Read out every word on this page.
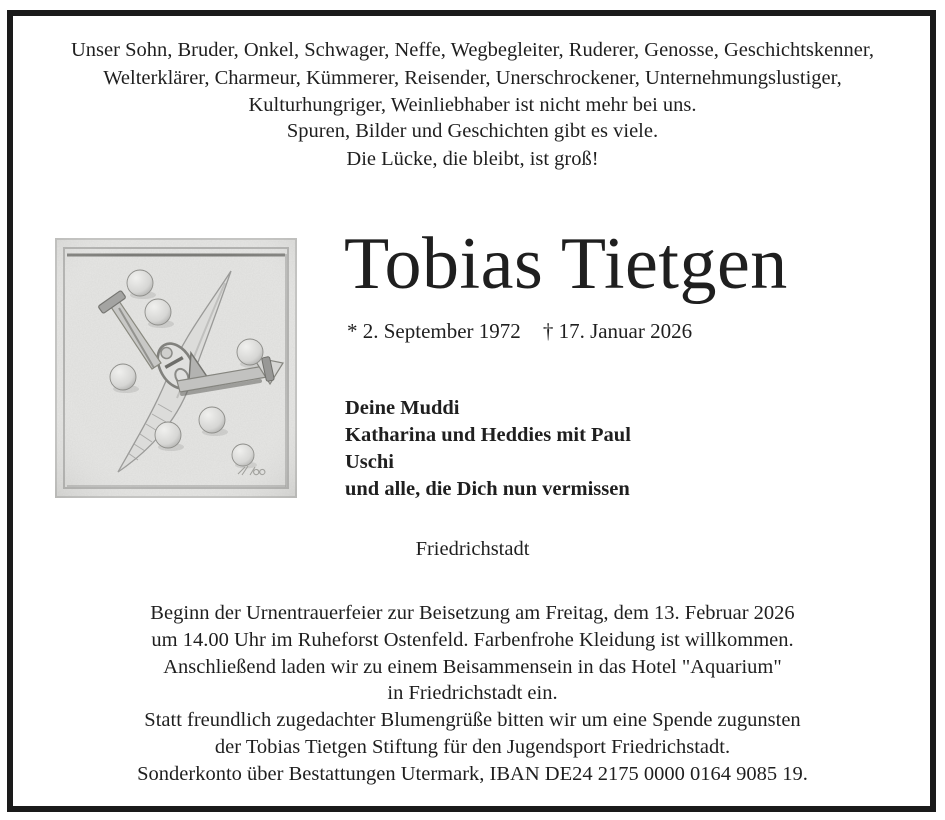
Unser Sohn, Bruder, Onkel, Schwager, Neffe, Wegbegleiter, Ruderer, Genosse, Geschichtskenner,
Welterklärer, Charmeur, Kümmerer, Reisender, Unerschrockener, Unternehmungslustiger,
Kulturhungriger, Weinliebhaber ist nicht mehr bei uns.
Spuren, Bilder und Geschichten gibt es viele.
Die Lücke, die bleibt, ist groß!
Tobias Tietgen
* 2. September 1972 † 17. Januar 2026
Deine Muddi
Katharina und Heddies mit Paul
Uschi
und alle, die Dich nun vermissen
Friedrichstadt
Beginn der Urnentrauerfeier zur Beisetzung am Freitag, dem 13. Februar 2026
um 14.00 Uhr im Ruheforst Ostenfeld. Farbenfrohe Kleidung ist willkommen.
Anschließend laden wir zu einem Beisammensein in das Hotel "Aquarium"
in Friedrichstadt ein.
Statt freundlich zugedachter Blumengrüße bitten wir um eine Spende zugunsten
der Tobias Tietgen Stiftung für den Jugendsport Friedrichstadt.
Sonderkonto über Bestattungen Utermark, IBAN DE24 2175 0000 0164 9085 19.
